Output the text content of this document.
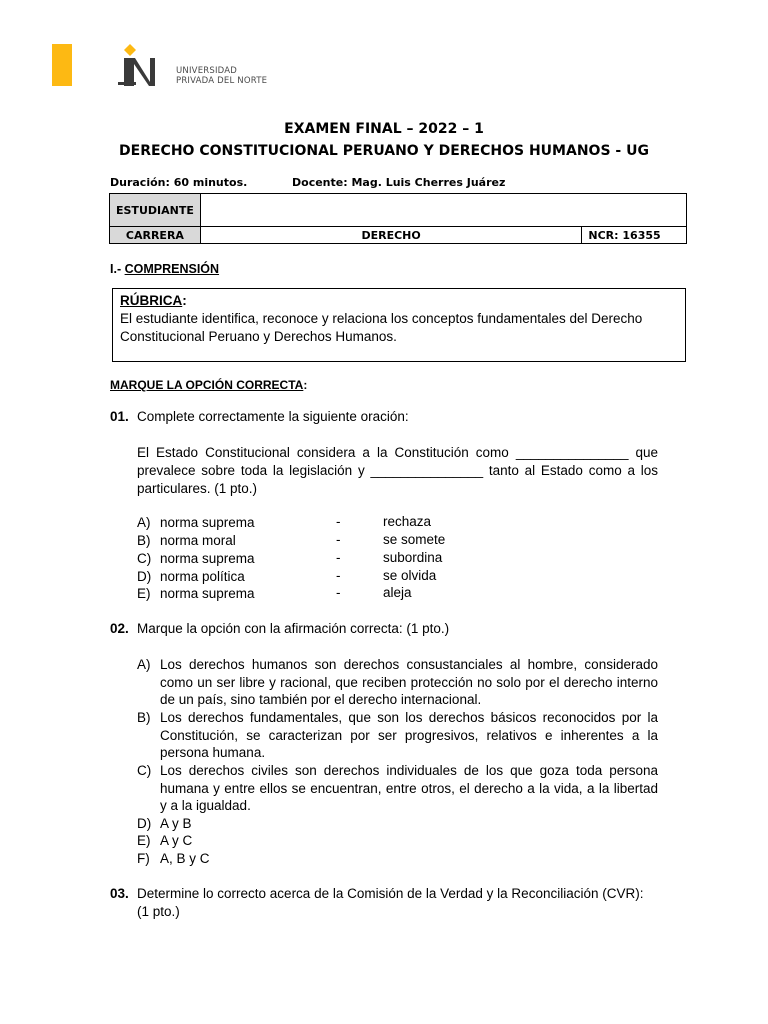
UNIVERSIDAD
PRIVADA DEL NORTE
EXAMEN FINAL – 2022 – 1
DERECHO CONSTITUCIONAL PERUANO Y DERECHOS HUMANOS - UG
Duración: 60 minutos.	Docente: Mag. Luis Cherres Juárez
ESTUDIANTE		
CARRERA	DERECHO	NCR: 16355
I.- COMPRENSIÓN
RÚBRICA:
El estudiante identifica, reconoce y relaciona los conceptos fundamentales del Derecho Constitucional Peruano y Derechos Humanos.
MARQUE LA OPCIÓN CORRECTA:
01. Complete correctamente la siguiente oración:
El Estado Constitucional considera a la Constitución como _______________ que prevalece sobre toda la legislación y _______________ tanto al Estado como a los particulares. (1 pto.)
A) norma suprema	-	rechaza
B) norma moral	-	se somete
C) norma suprema	-	subordina
D) norma política	-	se olvida
E) norma suprema	-	aleja
02. Marque la opción con la afirmación correcta: (1 pto.)
A) Los derechos humanos son derechos consustanciales al hombre, considerado como un ser libre y racional, que reciben protección no solo por el derecho interno de un país, sino también por el derecho internacional.
B) Los derechos fundamentales, que son los derechos básicos reconocidos por la Constitución, se caracterizan por ser progresivos, relativos e inherentes a la persona humana.
C) Los derechos civiles son derechos individuales de los que goza toda persona humana y entre ellos se encuentran, entre otros, el derecho a la vida, a la libertad y a la igualdad.
D) A y B
E) A y C
F) A, B y C
03. Determine lo correcto acerca de la Comisión de la Verdad y la Reconciliación (CVR):
(1 pto.)
